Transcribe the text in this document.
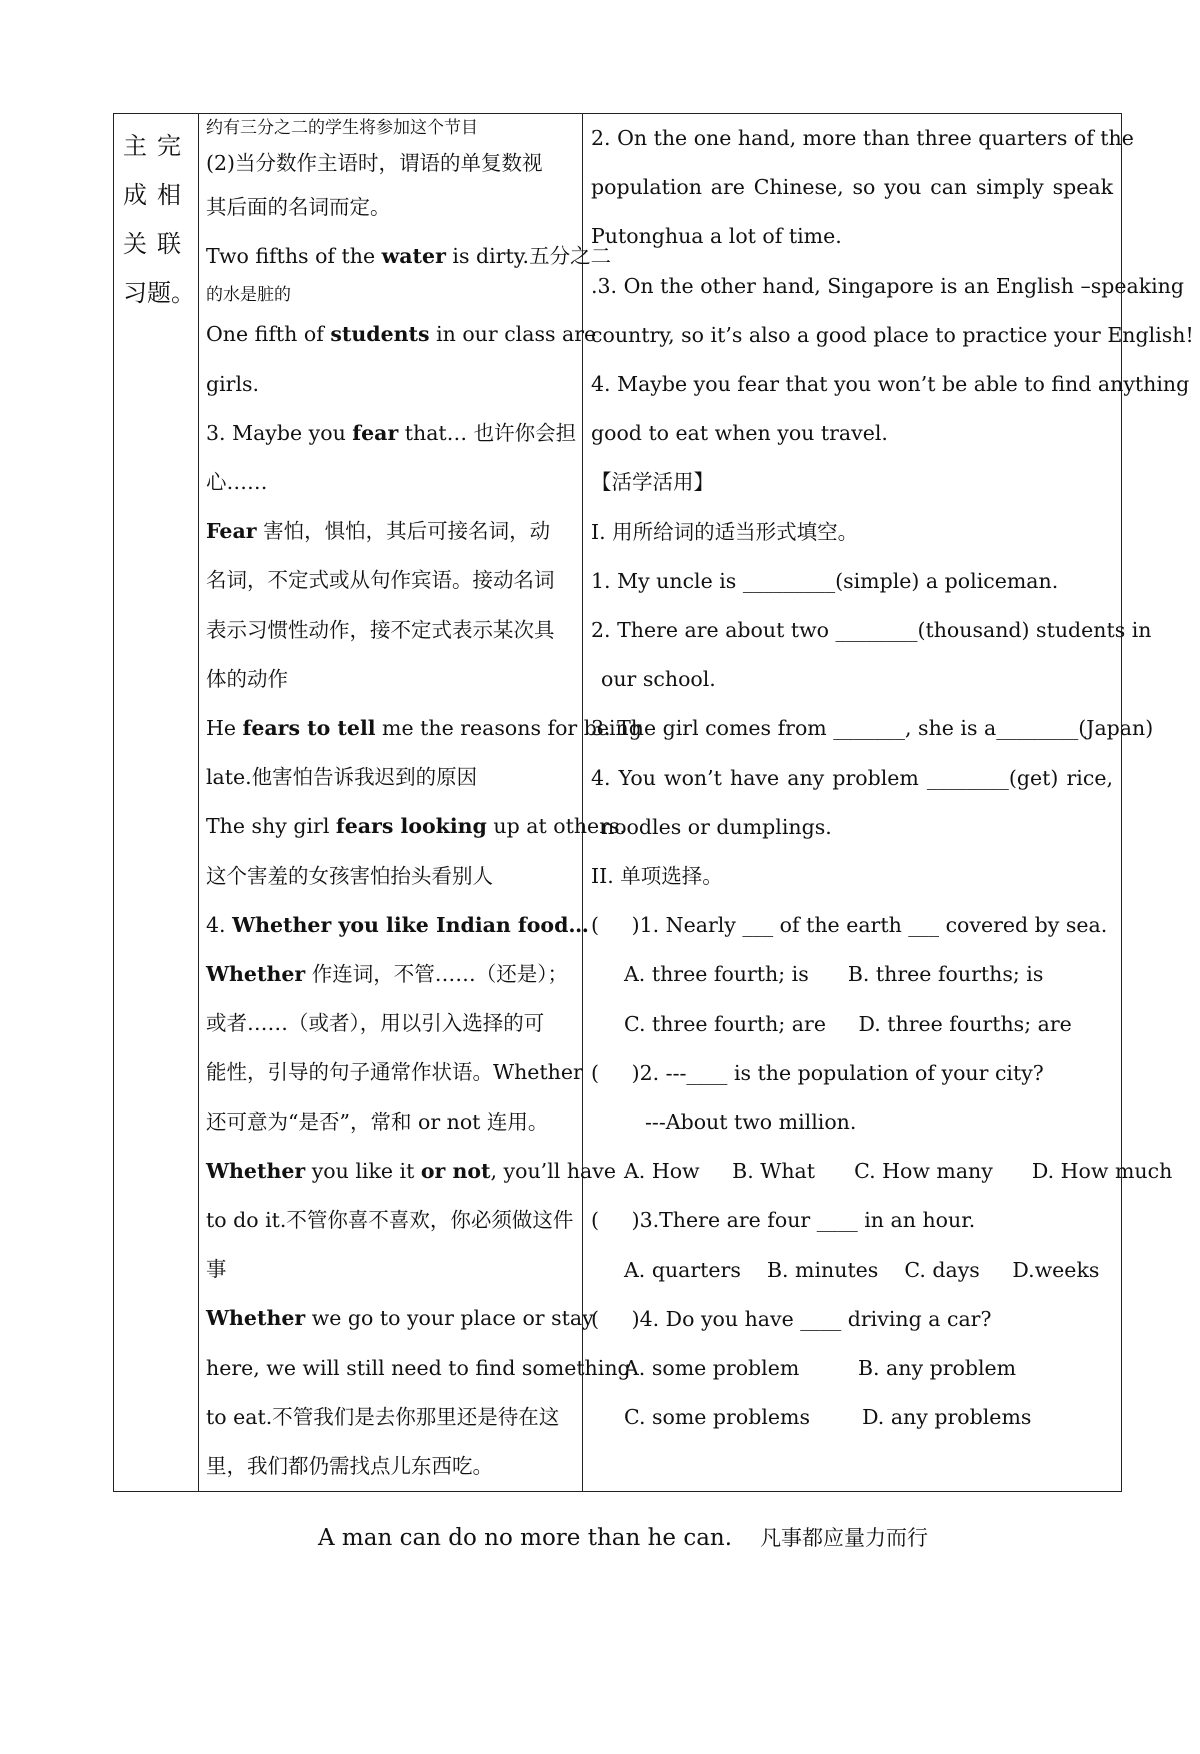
主 完
成 相
关 联
习题。

约有三分之二的学生将参加这个节目
(2)当分数作主语时，谓语的单复数视
其后面的名词而定。
Two fifths of the water is dirty.五分之二
的水是脏的
One fifth of students in our class are
girls.
3. Maybe you fear that… 也许你会担
心……
Fear 害怕，惧怕，其后可接名词，动
名词，不定式或从句作宾语。接动名词
表示习惯性动作，接不定式表示某次具
体的动作
He fears to tell me the reasons for being
late.他害怕告诉我迟到的原因
The shy girl fears looking up at others.
这个害羞的女孩害怕抬头看别人
4. Whether you like Indian food…
Whether 作连词，不管……（还是）；
或者……（或者），用以引入选择的可
能性，引导的句子通常作状语。Whether
还可意为“是否”，常和 or not 连用。
Whether you like it or not, you’ll have
to do it.不管你喜不喜欢，你必须做这件
事
Whether we go to your place or stay
here, we will still need to find something
to eat.不管我们是去你那里还是待在这
里，我们都仍需找点儿东西吃。

2. On the one hand, more than three quarters of the
population are Chinese, so you can simply speak
Putonghua a lot of time.
.3. On the other hand, Singapore is an English –speaking
country, so it’s also a good place to practice your English!
4. Maybe you fear that you won’t be able to find anything
good to eat when you travel.
【活学活用】
I. 用所给词的适当形式填空。
1. My uncle is _________(simple) a policeman.
2. There are about two ________(thousand) students in
our school.
3. The girl comes from _______, she is a________(Japan)
4. You won’t have any problem ________(get) rice,
noodles or dumplings.
II. 单项选择。
(     )1. Nearly ___ of the earth ___ covered by sea.
A. three fourth; is      B. three fourths; is
C. three fourth; are     D. three fourths; are
(     )2. ---____ is the population of your city?
---About two million.
A. How     B. What      C. How many      D. How much
(     )3.There are four ____ in an hour.
A. quarters    B. minutes    C. days     D.weeks
(     )4. Do you have ____ driving a car?
A. some problem         B. any problem
C. some problems        D. any problems
A man can do no more than he can. 凡事都应量力而行
